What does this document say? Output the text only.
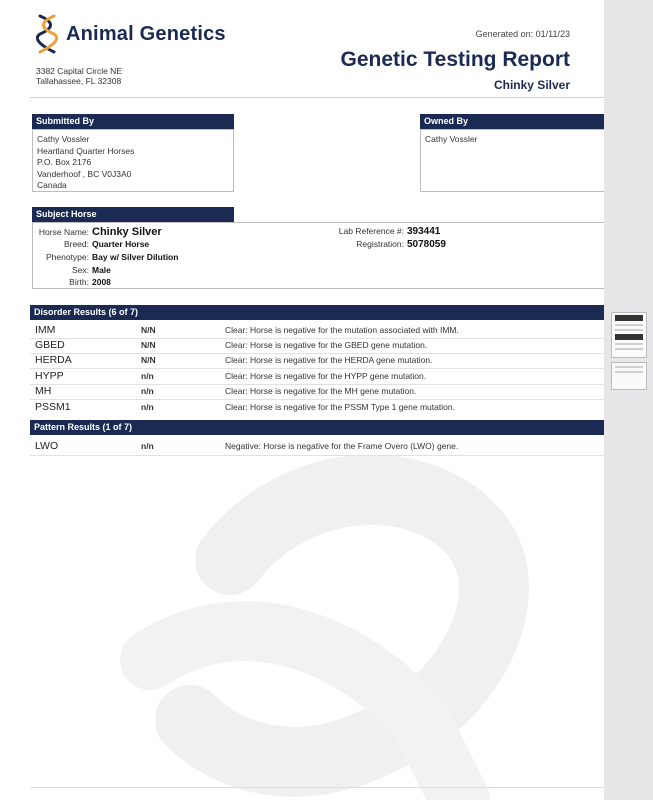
Animal Genetics
3382 Capital Circle NE
Tallahassee, FL 32308
Generated on: 01/11/23
Genetic Testing Report
Chinky Silver
Submitted By
Cathy Vossler
Heartland Quarter Horses
P.O. Box 2176
Vanderhoof , BC V0J3A0
Canada
Owned By
Cathy Vossler
Subject Horse
Horse Name: Chinky Silver
Breed: Quarter Horse
Phenotype: Bay w/ Silver Dilution
Sex: Male
Birth: 2008
Lab Reference #: 393441
Registration: 5078059
Disorder Results (6 of 7)
IMM	N/N	Clear: Horse is negative for the mutation associated with IMM.
GBED	N/N	Clear: Horse is negative for the GBED gene mutation.
HERDA	N/N	Clear: Horse is negative for the HERDA gene mutation.
HYPP	n/n	Clear: Horse is negative for the HYPP gene mutation.
MH	n/n	Clear: Horse is negative for the MH gene mutation.
PSSM1	n/n	Clear: Horse is negative for the PSSM Type 1 gene mutation.
Pattern Results (1 of 7)
LWO	n/n	Negative: Horse is negative for the Frame Overo (LWO) gene.
